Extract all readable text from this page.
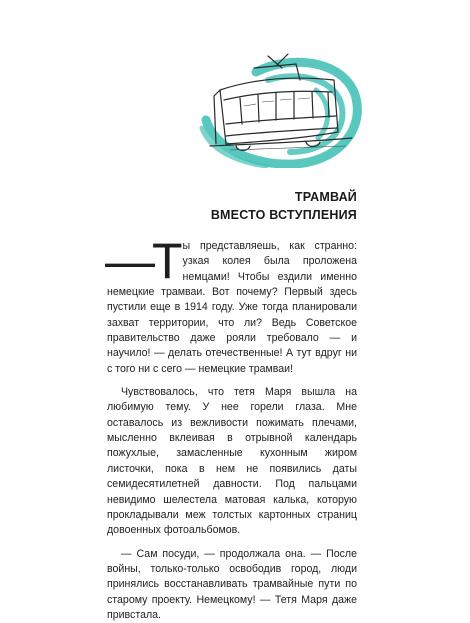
ТРАМВАЙ
ВМЕСТО ВСТУПЛЕНИЯ

—Т ы представляешь, как странно: узкая колея была проложена немцами! Чтобы ездили именно немецкие трамваи. Вот почему? Первый здесь пустили еще в 1914 году. Уже тогда планировали захват территории, что ли? Ведь Советское правительство даже рояли требовало — и научило! — делать отечественные! А тут вдруг ни с того ни с сего — немецкие трамваи!

Чувствовалось, что тетя Маря вышла на любимую тему. У нее горели глаза. Мне оставалось из вежливости пожимать плечами, мысленно вклеивая в отрывной календарь пожухлые, замасленные кухонным жиром листочки, пока в нем не появились даты семидесятилетней давности. Под пальцами невидимо шелестела матовая калька, которую прокладывали меж толстых картонных страниц довоенных фотоальбомов.

— Сам посуди, — продолжала она. — После войны, только-только освободив город, люди принялись восстанавливать трамвайные пути по старому проекту. Немецкому! — Тетя Маря даже привстала.
